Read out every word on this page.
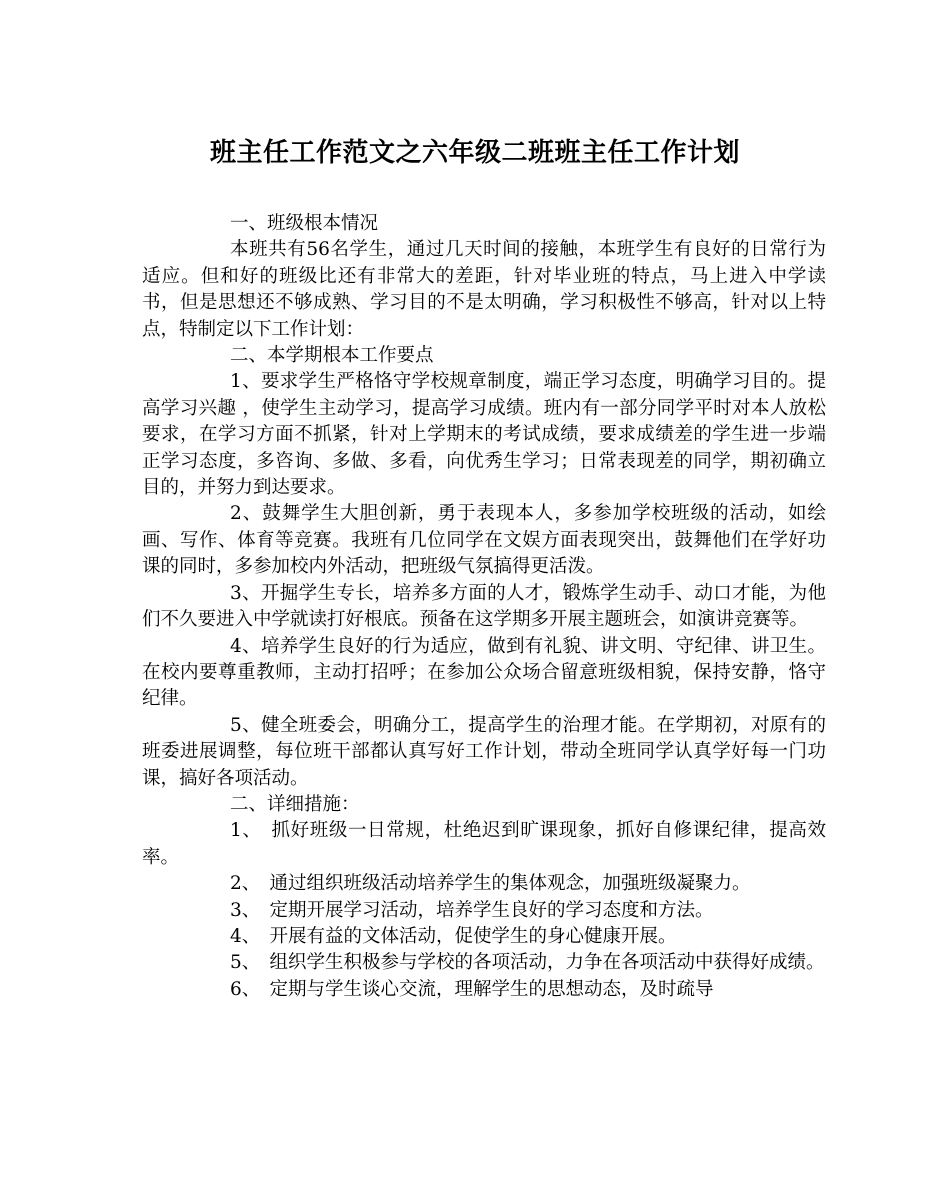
班主任工作范文之六年级二班班主任工作计划

一、班级根本情况

本班共有56名学生，通过几天时间的接触，本班学生有良好的日常行为适应。但和好的班级比还有非常大的差距，针对毕业班的特点，马上进入中学读书，但是思想还不够成熟、学习目的不是太明确，学习积极性不够高，针对以上特点，特制定以下工作计划：

二、本学期根本工作要点

1、要求学生严格恪守学校规章制度，端正学习态度，明确学习目的。提高学习兴趣 ，使学生主动学习，提高学习成绩。班内有一部分同学平时对本人放松要求，在学习方面不抓紧，针对上学期末的考试成绩，要求成绩差的学生进一步端正学习态度，多咨询、多做、多看，向优秀生学习；日常表现差的同学，期初确立目的，并努力到达要求。

2、鼓舞学生大胆创新，勇于表现本人，多参加学校班级的活动，如绘画、写作、体育等竞赛。我班有几位同学在文娱方面表现突出，鼓舞他们在学好功课的同时，多参加校内外活动，把班级气氛搞得更活泼。

3、开掘学生专长，培养多方面的人才，锻炼学生动手、动口才能，为他们不久要进入中学就读打好根底。预备在这学期多开展主题班会，如演讲竞赛等。

4、培养学生良好的行为适应，做到有礼貌、讲文明、守纪律、讲卫生。在校内要尊重教师，主动打招呼；在参加公众场合留意班级相貌，保持安静，恪守纪律。

5、健全班委会，明确分工，提高学生的治理才能。在学期初，对原有的班委进展调整，每位班干部都认真写好工作计划，带动全班同学认真学好每一门功课，搞好各项活动。

二、详细措施：

1、　抓好班级一日常规，杜绝迟到旷课现象，抓好自修课纪律，提高效率。

2、　通过组织班级活动培养学生的集体观念，加强班级凝聚力。

3、　定期开展学习活动，培养学生良好的学习态度和方法。

4、　开展有益的文体活动，促使学生的身心健康开展。

5、　组织学生积极参与学校的各项活动，力争在各项活动中获得好成绩。

6、　定期与学生谈心交流，理解学生的思想动态，及时疏导
